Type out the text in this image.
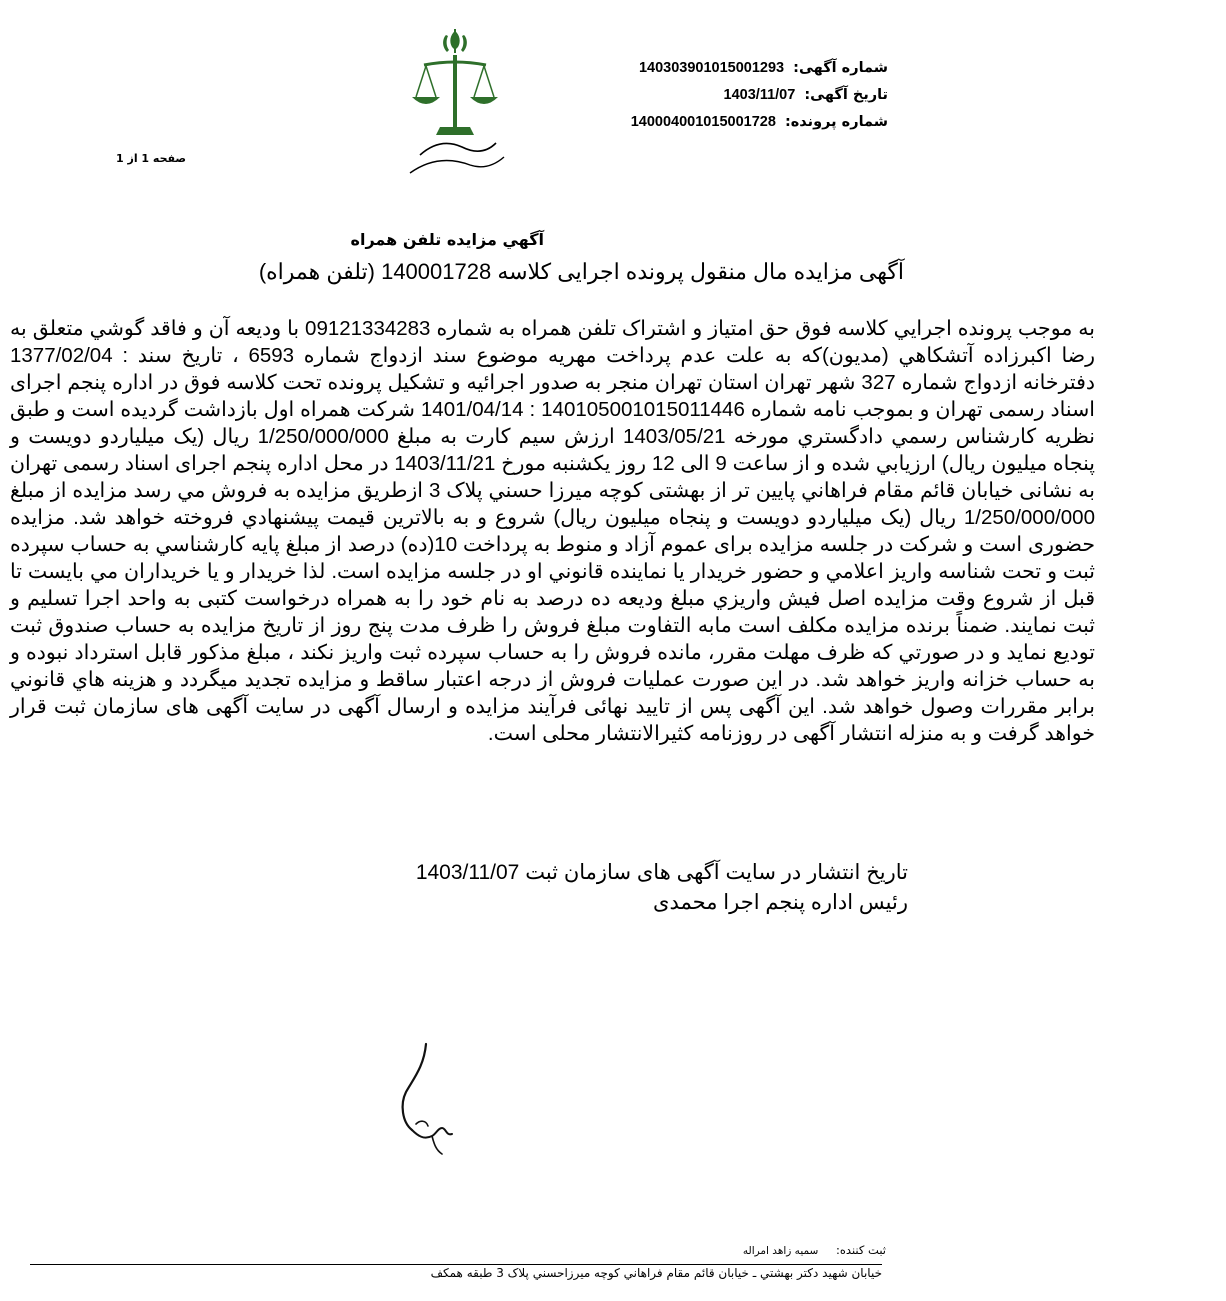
شماره آگهی: 140303901015001293
تاریخ آگهی: 1403/11/07
شماره پرونده: 140004001015001728
صفحه 1 از 1
آگهي مزايده تلفن همراه
آگهی مزایده مال منقول پرونده اجرایی کلاسه 140001728 (تلفن همراه)
به موجب پرونده اجرايي كلاسه فوق حق امتياز و اشتراک تلفن همراه به شماره 09121334283 با ودیعه آن و فاقد گوشي متعلق به رضا اكبرزاده آتشكاهي (مديون)كه به علت عدم پرداخت مهريه موضوع سند ازدواج شماره 6593 ، تاريخ سند : 1377/02/04 دفترخانه ازدواج شماره 327 شهر تهران استان تهران منجر به صدور اجرائيه و تشكيل پرونده تحت كلاسه فوق در اداره پنجم اجرای اسناد رسمی تهران و بموجب نامه شماره 140105001015011446 : 1401/04/14 شركت همراه اول بازداشت گرديده است و طبق نظريه كارشناس رسمي دادگستري مورخه 1403/05/21 ارزش سيم كارت به مبلغ 1/250/000/000 ريال (یک میلیاردو دویست و پنجاه میلیون ریال) ارزيابي شده و از ساعت 9 الی 12 روز یکشنبه مورخ 1403/11/21 در محل اداره پنجم اجرای اسناد رسمی تهران به نشانی خيابان قائم مقام فراهاني پایین تر از بهشتی كوچه ميرزا حسني پلاک 3 ازطريق مزايده به فروش مي رسد مزايده از مبلغ 1/250/000/000 ريال (یک میلیاردو دویست و پنجاه میلیون ریال) شروع و به بالاترين قيمت پيشنهادي فروخته خواهد شد. مزایده حضوری است و شرکت در جلسه مزایده برای عموم آزاد و منوط به پرداخت 10(ده) درصد از مبلغ پايه كارشناسي به حساب سپرده ثبت و تحت شناسه واريز اعلامي و حضور خريدار يا نماينده قانوني او در جلسه مزايده است. لذا خريدار و يا خريداران مي بايست تا قبل از شروع وقت مزايده اصل فيش واريزي مبلغ وديعه ده درصد به نام خود را به همراه درخواست کتبی به واحد اجرا تسليم و ثبت نمايند. ضمناً برنده مزايده مكلف است مابه التفاوت مبلغ فروش را ظرف مدت پنج روز از تاريخ مزايده به حساب صندوق ثبت توديع نمايد و در صورتي كه ظرف مهلت مقرر، مانده فروش را به حساب سپرده ثبت واريز نكند ، مبلغ مذكور قابل استرداد نبوده و به حساب خزانه واريز خواهد شد. در اين صورت عمليات فروش از درجه اعتبار ساقط و مزايده تجديد ميگردد و هزينه هاي قانوني برابر مقررات وصول خواهد شد. این آگهی پس از تایید نهائی فرآیند مزایده و ارسال آگهی در سایت آگهی های سازمان ثبت قرار خواهد گرفت و به منزله انتشار آگهی در روزنامه کثیرالانتشار محلی است.
تاریخ انتشار در سایت آگهی های سازمان ثبت 1403/11/07
رئیس اداره پنجم اجرا محمدی
ثبت كننده: سميه زاهد امراله
خیابان شهید دکتر بهشتي ـ خیابان قائم مقام فراهاني کوچه ميرزاحسني پلاک 3 طبقه همكف
